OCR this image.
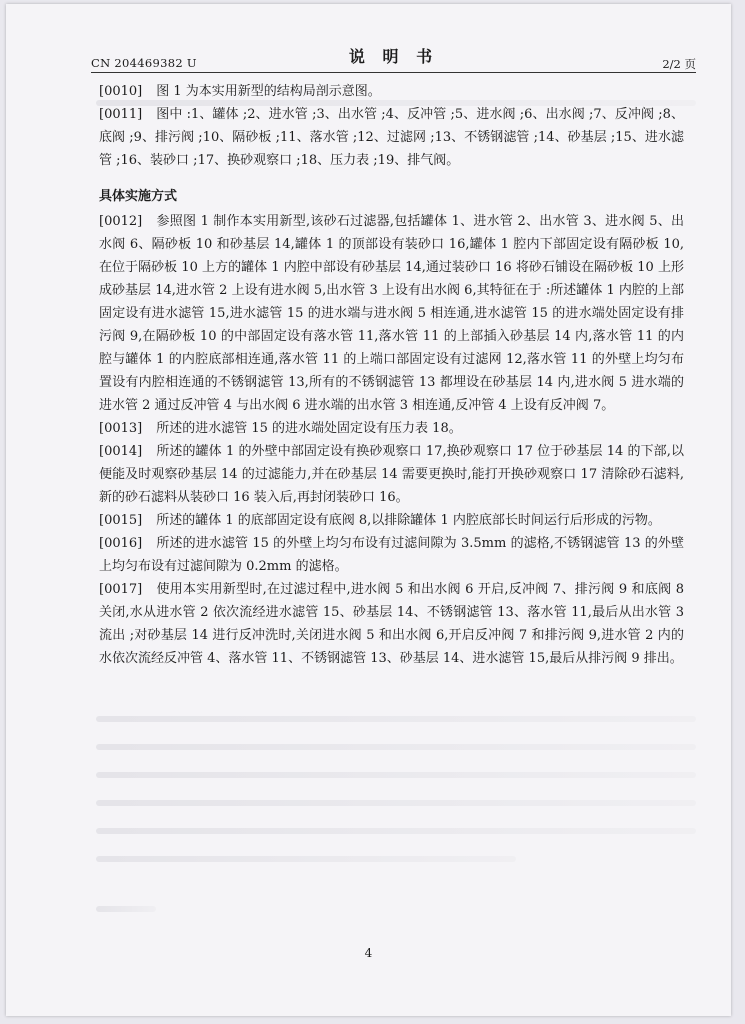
CN 204469382 U	说 明 书	2/2 页

[0010] 图 1 为本实用新型的结构局剖示意图。

[0011] 图中 :1、罐体 ;2、进水管 ;3、出水管 ;4、反冲管 ;5、进水阀 ;6、出水阀 ;7、反冲阀 ;8、底阀 ;9、排污阀 ;10、隔砂板 ;11、落水管 ;12、过滤网 ;13、不锈钢滤管 ;14、砂基层 ;15、进水滤管 ;16、装砂口 ;17、换砂观察口 ;18、压力表 ;19、排气阀。

具体实施方式

[0012] 参照图 1 制作本实用新型,该砂石过滤器,包括罐体 1、进水管 2、出水管 3、进水阀 5、出水阀 6、隔砂板 10 和砂基层 14,罐体 1 的顶部设有装砂口 16,罐体 1 腔内下部固定设有隔砂板 10,在位于隔砂板 10 上方的罐体 1 内腔中部设有砂基层 14,通过装砂口 16 将砂石铺设在隔砂板 10 上形成砂基层 14,进水管 2 上设有进水阀 5,出水管 3 上设有出水阀 6,其特征在于 :所述罐体 1 内腔的上部固定设有进水滤管 15,进水滤管 15 的进水端与进水阀 5 相连通,进水滤管 15 的进水端处固定设有排污阀 9,在隔砂板 10 的中部固定设有落水管 11,落水管 11 的上部插入砂基层 14 内,落水管 11 的内腔与罐体 1 的内腔底部相连通,落水管 11 的上端口部固定设有过滤网 12,落水管 11 的外壁上均匀布置设有内腔相连通的不锈钢滤管 13,所有的不锈钢滤管 13 都埋设在砂基层 14 内,进水阀 5 进水端的进水管 2 通过反冲管 4 与出水阀 6 进水端的出水管 3 相连通,反冲管 4 上设有反冲阀 7。

[0013] 所述的进水滤管 15 的进水端处固定设有压力表 18。

[0014] 所述的罐体 1 的外壁中部固定设有换砂观察口 17,换砂观察口 17 位于砂基层 14 的下部,以便能及时观察砂基层 14 的过滤能力,并在砂基层 14 需要更换时,能打开换砂观察口 17 清除砂石滤料,新的砂石滤料从装砂口 16 装入后,再封闭装砂口 16。

[0015] 所述的罐体 1 的底部固定设有底阀 8,以排除罐体 1 内腔底部长时间运行后形成的污物。

[0016] 所述的进水滤管 15 的外壁上均匀布设有过滤间隙为 3.5mm 的滤格,不锈钢滤管 13 的外壁上均匀布设有过滤间隙为 0.2mm 的滤格。

[0017] 使用本实用新型时,在过滤过程中,进水阀 5 和出水阀 6 开启,反冲阀 7、排污阀 9 和底阀 8 关闭,水从进水管 2 依次流经进水滤管 15、砂基层 14、不锈钢滤管 13、落水管 11,最后从出水管 3 流出 ;对砂基层 14 进行反冲洗时,关闭进水阀 5 和出水阀 6,开启反冲阀 7 和排污阀 9,进水管 2 内的水依次流经反冲管 4、落水管 11、不锈钢滤管 13、砂基层 14、进水滤管 15,最后从排污阀 9 排出。

4
